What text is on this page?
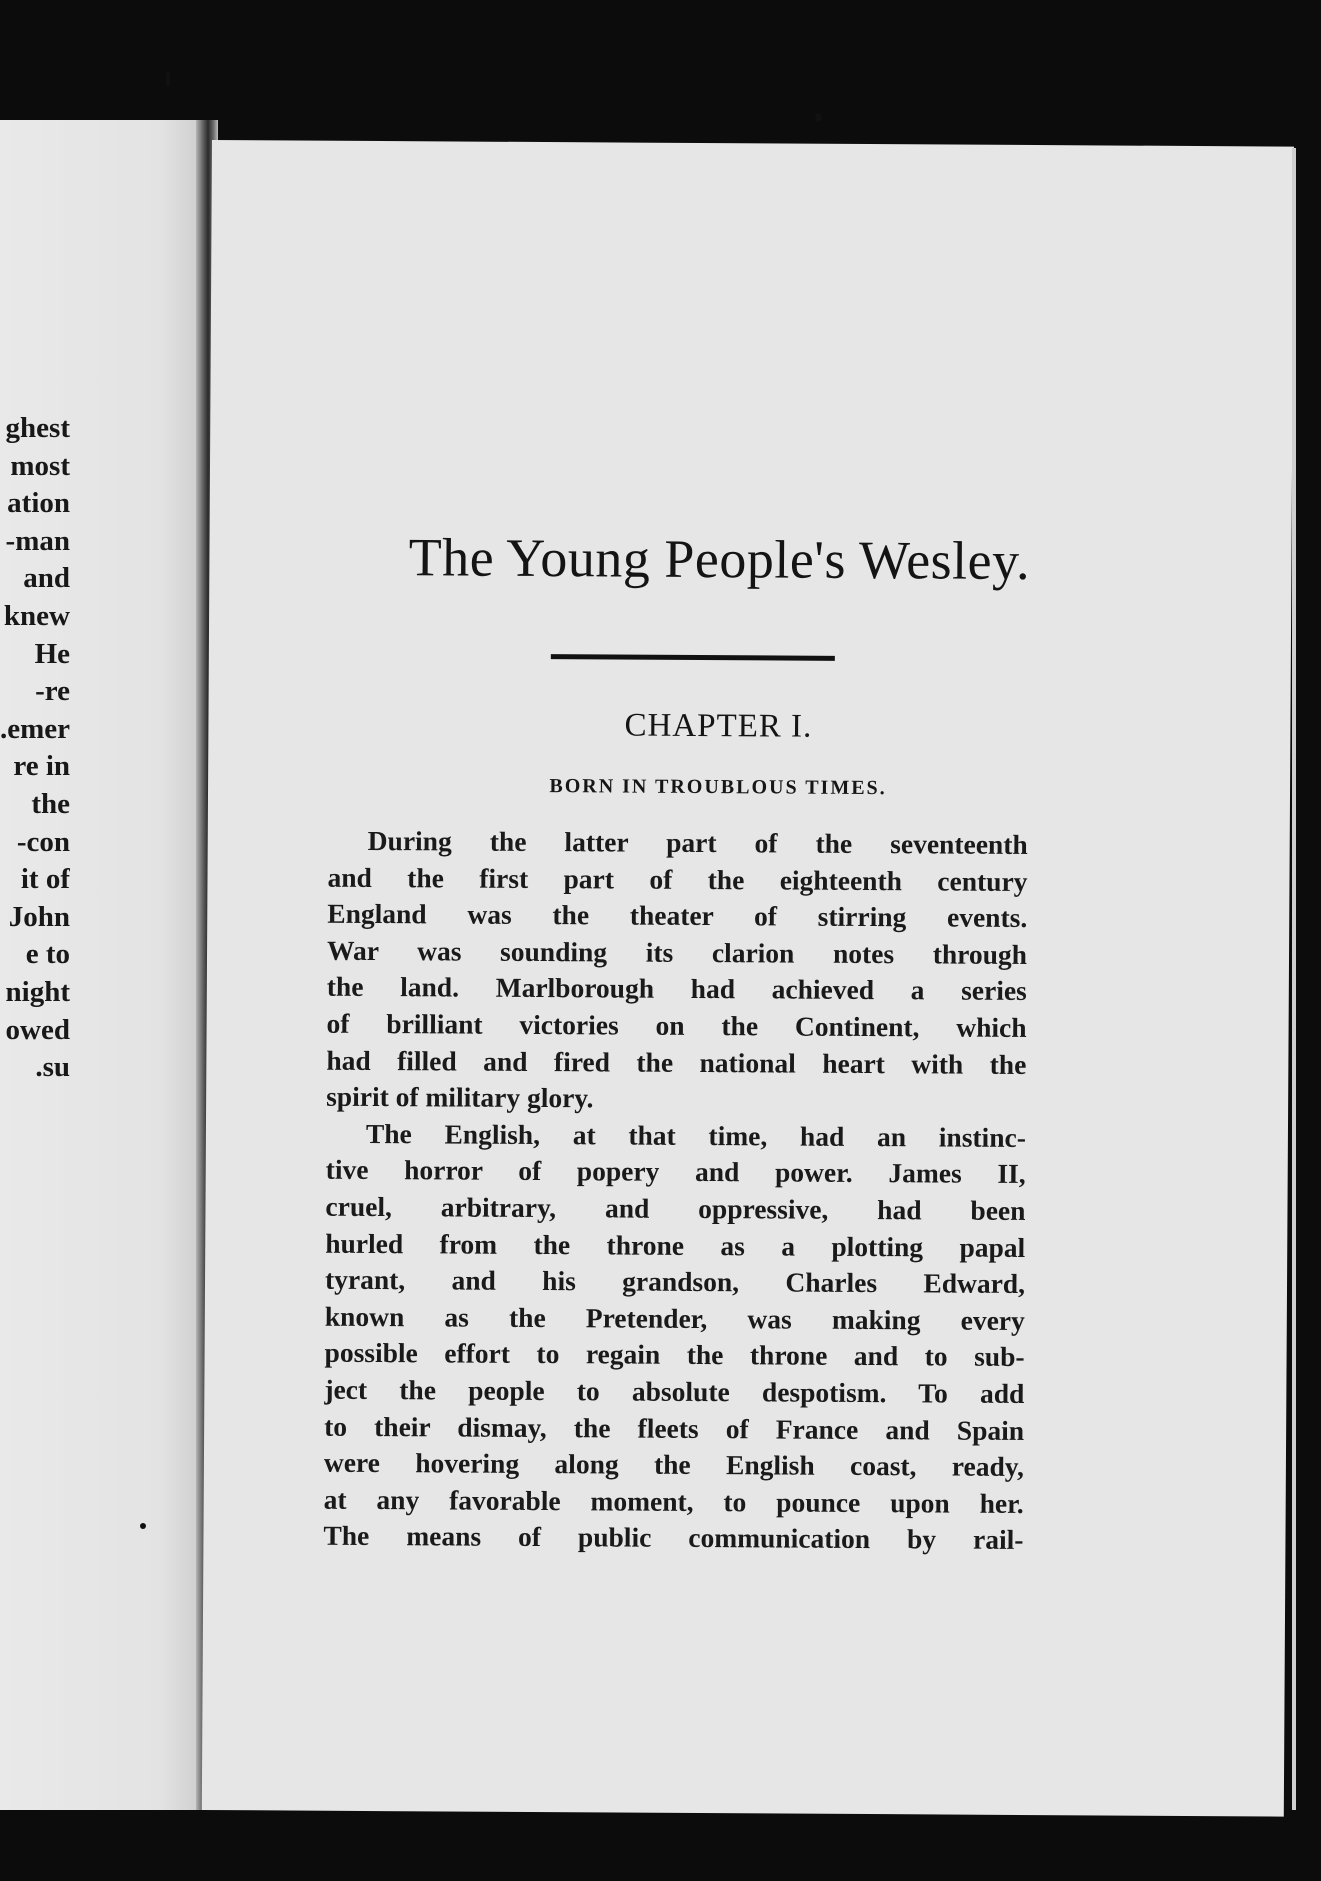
ghest
most
ation
man-
and
knew
He
re-
emer.
re in
the
con-
it of
John
e to
night
owed
su.
The Young People's Wesley.
CHAPTER I.
BORN IN TROUBLOUS TIMES.
During the latter part of the seventeenth
and the first part of the eighteenth century
England was the theater of stirring events.
War was sounding its clarion notes through
the land. Marlborough had achieved a series
of brilliant victories on the Continent, which
had filled and fired the national heart with the
spirit of military glory.
The English, at that time, had an instinc-
tive horror of popery and power. James II,
cruel, arbitrary, and oppressive, had been
hurled from the throne as a plotting papal
tyrant, and his grandson, Charles Edward,
known as the Pretender, was making every
possible effort to regain the throne and to sub-
ject the people to absolute despotism. To add
to their dismay, the fleets of France and Spain
were hovering along the English coast, ready,
at any favorable moment, to pounce upon her.
The means of public communication by rail-
